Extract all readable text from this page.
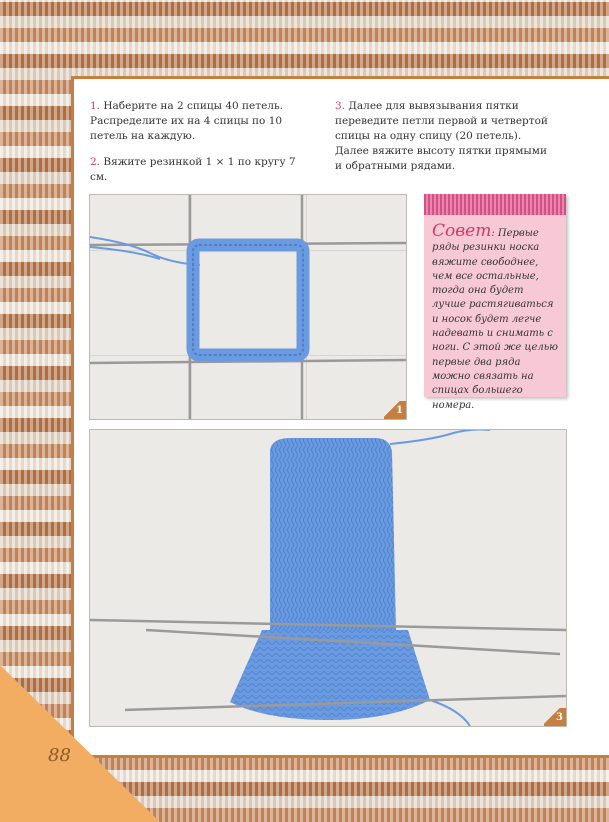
1. Наберите на 2 спицы 40 петель. Распределите их на 4 спицы по 10 петель на каждую.

2. Вяжите резинкой 1 × 1 по кругу 7 см.

3. Далее для вывязывания пятки переведите петли первой и четвертой спицы на одну спицу (20 петель). Далее вяжите высоту пятки прямыми и обратными рядами.

1
3
Совет: Первые ряды резинки носка вяжите свободнее, чем все остальные, тогда она будет лучше растягиваться и носок будет легче надевать и снимать с ноги. С этой же целью первые два ряда можно связать на спицах большего номера.
88
